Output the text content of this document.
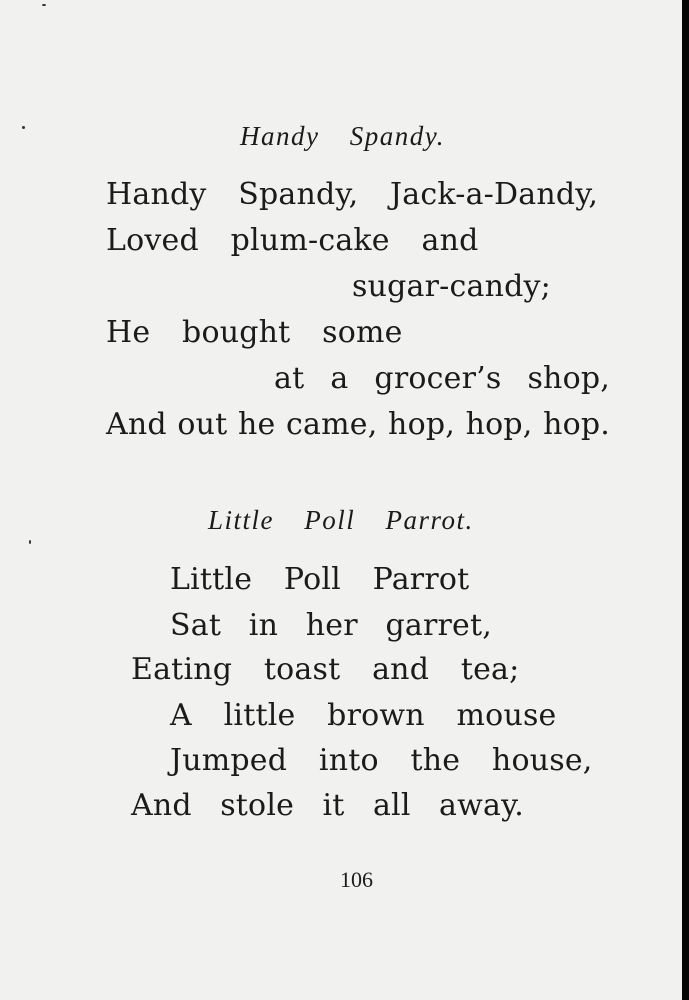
Handy Spandy.
Handy Spandy, Jack-a-Dandy,
Loved plum-cake and
sugar-candy;
He bought some
at a grocer’s shop,
And out he came, hop, hop, hop.
Little Poll Parrot.
Little Poll Parrot
Sat in her garret,
Eating toast and tea;
A little brown mouse
Jumped into the house,
And stole it all away.
106
